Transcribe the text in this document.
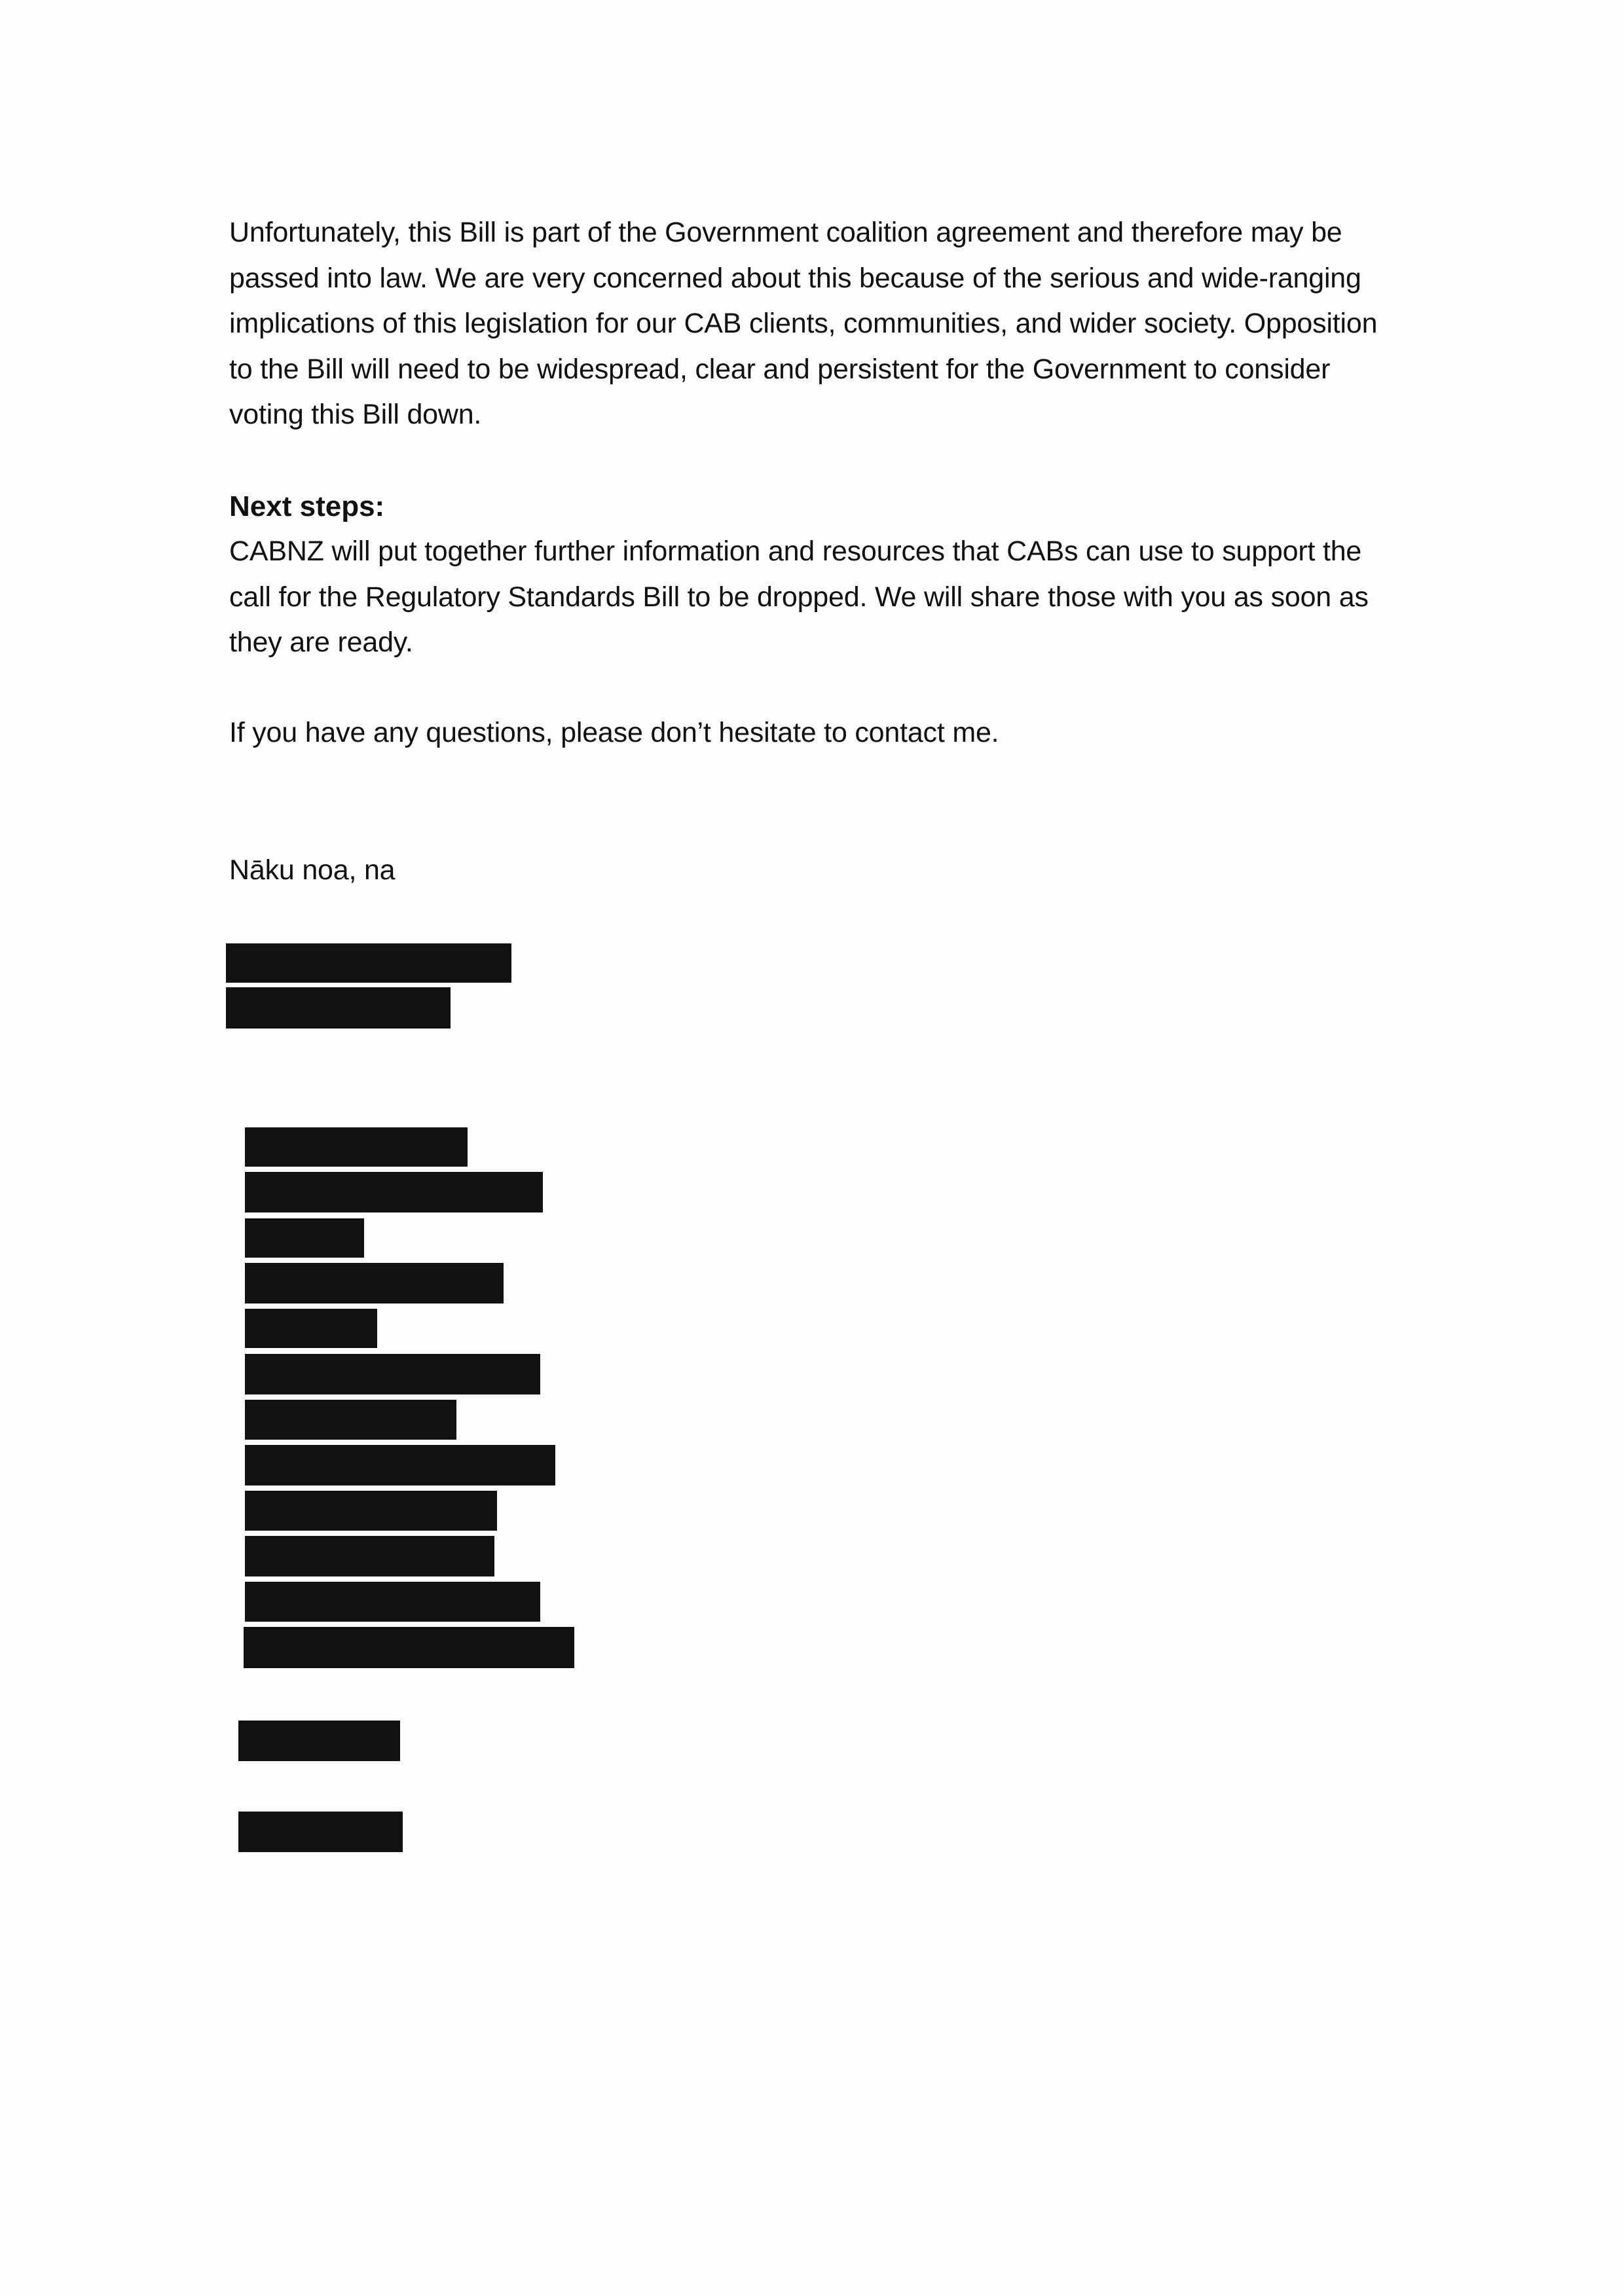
Unfortunately, this Bill is part of the Government coalition agreement and therefore may be passed into law. We are very concerned about this because of the serious and wide-ranging implications of this legislation for our CAB clients, communities, and wider society. Opposition to the Bill will need to be widespread, clear and persistent for the Government to consider voting this Bill down.

Next steps:

CABNZ will put together further information and resources that CABs can use to support the call for the Regulatory Standards Bill to be dropped. We will share those with you as soon as they are ready.

If you have any questions, please don’t hesitate to contact me.

Nāku noa, na
